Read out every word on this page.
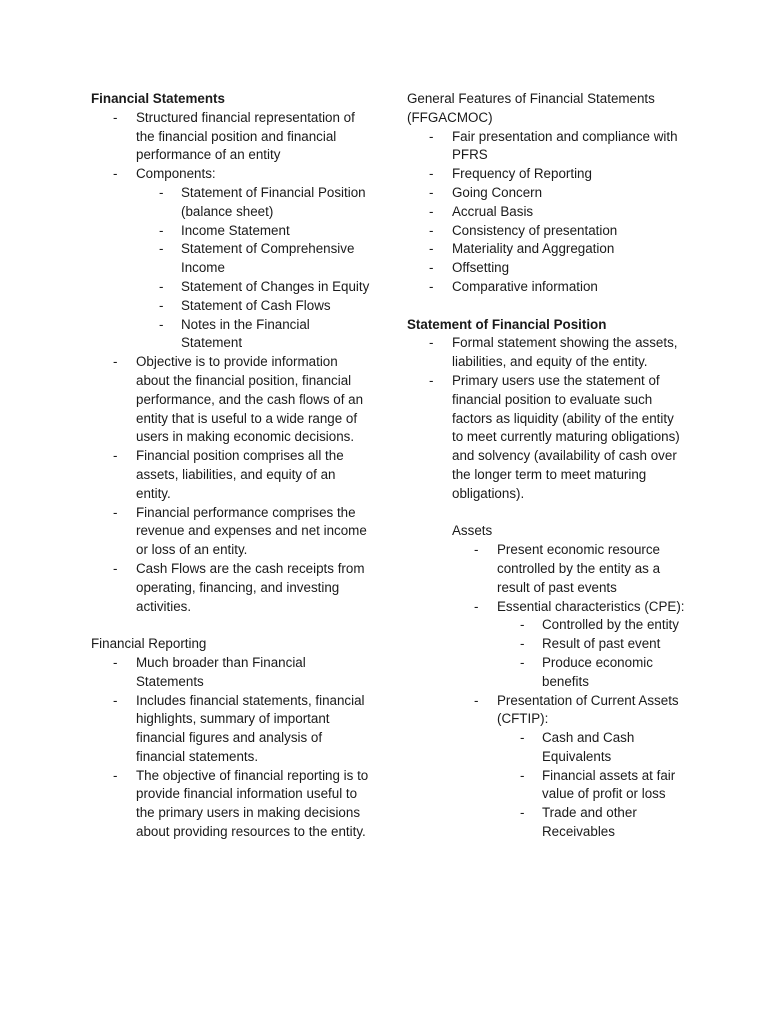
Financial Statements
- Structured financial representation of the financial position and financial performance of an entity
- Components:
- Statement of Financial Position (balance sheet)
- Income Statement
- Statement of Comprehensive Income
- Statement of Changes in Equity
- Statement of Cash Flows
- Notes in the Financial Statement
- Objective is to provide information about the financial position, financial performance, and the cash flows of an entity that is useful to a wide range of users in making economic decisions.
- Financial position comprises all the assets, liabilities, and equity of an entity.
- Financial performance comprises the revenue and expenses and net income or loss of an entity.
- Cash Flows are the cash receipts from operating, financing, and investing activities.
Financial Reporting
- Much broader than Financial Statements
- Includes financial statements, financial highlights, summary of important financial figures and analysis of financial statements.
- The objective of financial reporting is to provide financial information useful to the primary users in making decisions about providing resources to the entity.
General Features of Financial Statements (FFGACMOC)
- Fair presentation and compliance with PFRS
- Frequency of Reporting
- Going Concern
- Accrual Basis
- Consistency of presentation
- Materiality and Aggregation
- Offsetting
- Comparative information
Statement of Financial Position
- Formal statement showing the assets, liabilities, and equity of the entity.
- Primary users use the statement of financial position to evaluate such factors as liquidity (ability of the entity to meet currently maturing obligations) and solvency (availability of cash over the longer term to meet maturing obligations).

Assets

- Present economic resource controlled by the entity as a result of past events
- Essential characteristics (CPE):
- Controlled by the entity
- Result of past event
- Produce economic benefits
- Presentation of Current Assets (CFTIP):
- Cash and Cash Equivalents
- Financial assets at fair value of profit or loss
- Trade and other Receivables
